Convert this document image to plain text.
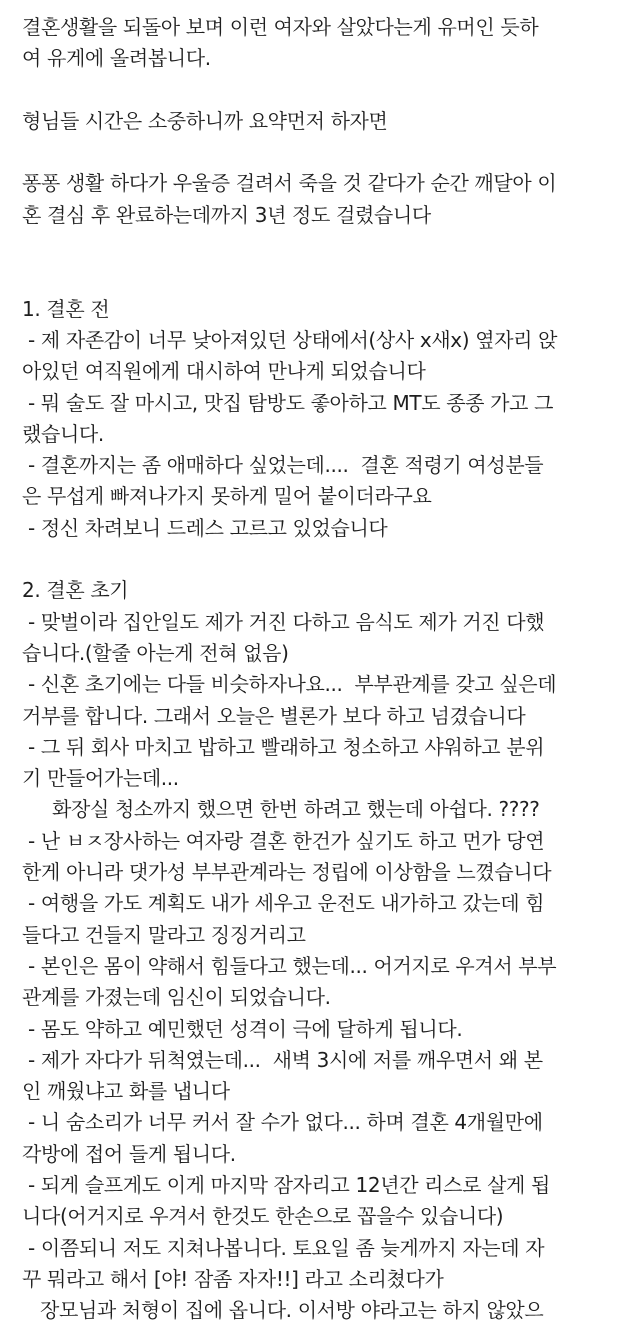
결혼생활을 되돌아 보며 이런 여자와 살았다는게 유머인 듯하
여 유게에 올려봅니다.
형님들 시간은 소중하니까 요약먼저 하자면
퐁퐁 생활 하다가 우울증 걸려서 죽을 것 같다가 순간 깨달아 이
혼 결심 후 완료하는데까지 3년 정도 걸렸습니다
1. 결혼 전
- 제 자존감이 너무 낮아져있던 상태에서(상사 x새x) 옆자리 앉
아있던 여직원에게 대시하여 만나게 되었습니다
- 뭐 술도 잘 마시고, 맛집 탐방도 좋아하고 MT도 종종 가고 그
랬습니다.
- 결혼까지는 좀 애매하다 싶었는데....  결혼 적령기 여성분들
은 무섭게 빠져나가지 못하게 밀어 붙이더라구요
- 정신 차려보니 드레스 고르고 있었습니다
2. 결혼 초기
- 맞벌이라 집안일도 제가 거진 다하고 음식도 제가 거진 다했
습니다.(할줄 아는게 전혀 없음)
- 신혼 초기에는 다들 비슷하자나요...  부부관계를 갖고 싶은데
거부를 합니다. 그래서 오늘은 별론가 보다 하고 넘겼습니다
- 그 뒤 회사 마치고 밥하고 빨래하고 청소하고 샤워하고 분위
기 만들어가는데...
화장실 청소까지 했으면 한번 하려고 했는데 아쉽다. ????
- 난 ㅂㅈ장사하는 여자랑 결혼 한건가 싶기도 하고 먼가 당연
한게 아니라 댓가성 부부관계라는 정립에 이상함을 느꼈습니다
- 여행을 가도 계획도 내가 세우고 운전도 내가하고 갔는데 힘
들다고 건들지 말라고 징징거리고
- 본인은 몸이 약해서 힘들다고 했는데... 어거지로 우겨서 부부
관계를 가졌는데 임신이 되었습니다.
- 몸도 약하고 예민했던 성격이 극에 달하게 됩니다.
- 제가 자다가 뒤척였는데...  새벽 3시에 저를 깨우면서 왜 본
인 깨웠냐고 화를 냅니다
- 니 숨소리가 너무 커서 잘 수가 없다... 하며 결혼 4개월만에
각방에 접어 들게 됩니다.
- 되게 슬프게도 이게 마지막 잠자리고 12년간 리스로 살게 됩
니다(어거지로 우겨서 한것도 한손으로 꼽을수 있습니다)
- 이쯤되니 저도 지쳐나봅니다. 토요일 좀 늦게까지 자는데 자
꾸 뭐라고 해서 [야! 잠좀 자자!!] 라고 소리쳤다가
장모님과 처형이 집에 옵니다. 이서방 야라고는 하지 않았으
